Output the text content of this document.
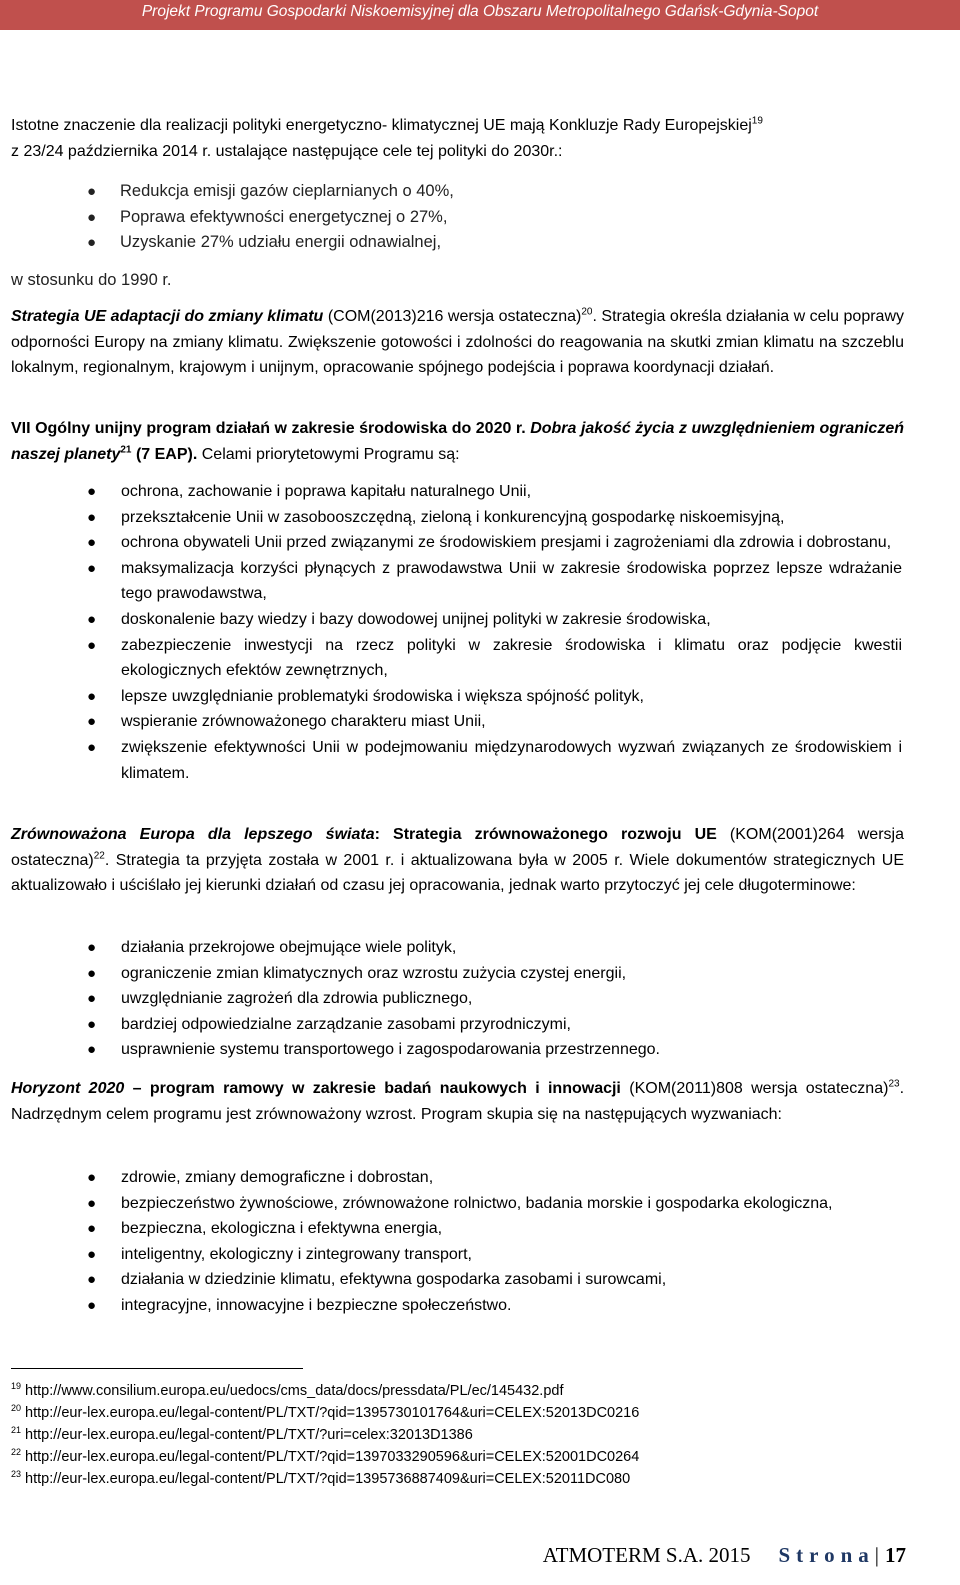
Projekt Programu Gospodarki Niskoemisyjnej dla Obszaru Metropolitalnego Gdańsk-Gdynia-Sopot
Istotne znaczenie dla realizacji polityki energetyczno- klimatycznej UE mają Konkluzje Rady Europejskiej$^{19}$
z 23/24 października 2014 r. ustalające następujące cele tej polityki do 2030r.:
● Redukcja emisji gazów cieplarnianych o 40%,
● Poprawa efektywności energetycznej o 27%,
● Uzyskanie 27% udziału energii odnawialnej,
w stosunku do 1990 r.
Strategia UE adaptacji do zmiany klimatu (COM(2013)216 wersja ostateczna)$^{20}$. Strategia określa działania w celu poprawy odporności Europy na zmiany klimatu. Zwiększenie gotowości i zdolności do reagowania na skutki zmian klimatu na szczeblu lokalnym, regionalnym, krajowym i unijnym, opracowanie spójnego podejścia i poprawa koordynacji działań.
VII Ogólny unijny program działań w zakresie środowiska do 2020 r. Dobra jakość życia z uwzględnieniem ograniczeń naszej planety$^{21}$ (7 EAP). Celami priorytetowymi Programu są:
● ochrona, zachowanie i poprawa kapitału naturalnego Unii,
● przekształcenie Unii w zasobooszczędną, zieloną i konkurencyjną gospodarkę niskoemisyjną,
● ochrona obywateli Unii przed związanymi ze środowiskiem presjami i zagrożeniami dla zdrowia i dobrostanu,
● maksymalizacja korzyści płynących z prawodawstwa Unii w zakresie środowiska poprzez lepsze wdrażanie tego prawodawstwa,
● doskonalenie bazy wiedzy i bazy dowodowej unijnej polityki w zakresie środowiska,
● zabezpieczenie inwestycji na rzecz polityki w zakresie środowiska i klimatu oraz podjęcie kwestii ekologicznych efektów zewnętrznych,
● lepsze uwzględnianie problematyki środowiska i większa spójność polityk,
● wspieranie zrównoważonego charakteru miast Unii,
● zwiększenie efektywności Unii w podejmowaniu międzynarodowych wyzwań związanych ze środowiskiem i klimatem.
Zrównoważona Europa dla lepszego świata: Strategia zrównoważonego rozwoju UE (KOM(2001)264 wersja ostateczna)$^{22}$. Strategia ta przyjęta została w 2001 r. i aktualizowana była w 2005 r. Wiele dokumentów strategicznych UE aktualizowało i uściślało jej kierunki działań od czasu jej opracowania, jednak warto przytoczyć jej cele długoterminowe:
● działania przekrojowe obejmujące wiele polityk,
● ograniczenie zmian klimatycznych oraz wzrostu zużycia czystej energii,
● uwzględnianie zagrożeń dla zdrowia publicznego,
● bardziej odpowiedzialne zarządzanie zasobami przyrodniczymi,
● usprawnienie systemu transportowego i zagospodarowania przestrzennego.
Horyzont 2020 – program ramowy w zakresie badań naukowych i innowacji (KOM(2011)808 wersja ostateczna)$^{23}$. Nadrzędnym celem programu jest zrównoważony wzrost. Program skupia się na następujących wyzwaniach:
● zdrowie, zmiany demograficzne i dobrostan,
● bezpieczeństwo żywnościowe, zrównoważone rolnictwo, badania morskie i gospodarka ekologiczna,
● bezpieczna, ekologiczna i efektywna energia,
● inteligentny, ekologiczny i zintegrowany transport,
● działania w dziedzinie klimatu, efektywna gospodarka zasobami i surowcami,
● integracyjne, innowacyjne i bezpieczne społeczeństwo.
$^{19}$ http://www.consilium.europa.eu/uedocs/cms_data/docs/pressdata/PL/ec/145432.pdf
$^{20}$ http://eur-lex.europa.eu/legal-content/PL/TXT/?qid=1395730101764&uri=CELEX:52013DC0216
$^{21}$ http://eur-lex.europa.eu/legal-content/PL/TXT/?uri=celex:32013D1386
$^{22}$ http://eur-lex.europa.eu/legal-content/PL/TXT/?qid=1397033290596&uri=CELEX:52001DC0264
$^{23}$ http://eur-lex.europa.eu/legal-content/PL/TXT/?qid=1395736887409&uri=CELEX:52011DC080
ATMOTERM S.A. 2015 Strona| 17
